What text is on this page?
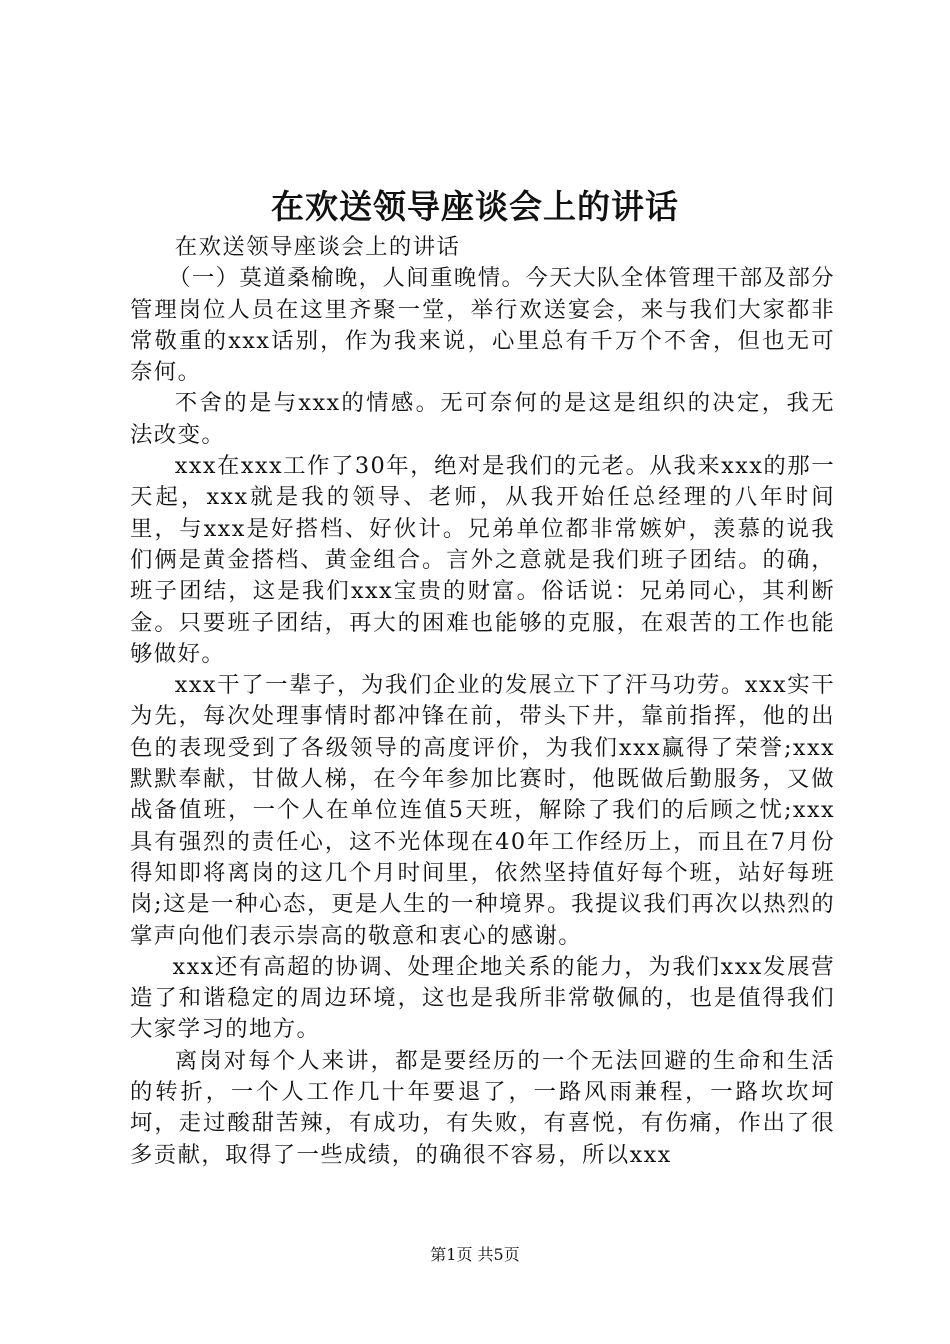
在欢送领导座谈会上的讲话

在欢送领导座谈会上的讲话

（一）莫道桑榆晚，人间重晚情。今天大队全体管理干部及部分管理岗位人员在这里齐聚一堂，举行欢送宴会，来与我们大家都非常敬重的xxx话别，作为我来说，心里总有千万个不舍，但也无可奈何。

不舍的是与xxx的情感。无可奈何的是这是组织的决定，我无法改变。

xxx在xxx工作了30年，绝对是我们的元老。从我来xxx的那一天起，xxx就是我的领导、老师，从我开始任总经理的八年时间里，与xxx是好搭档、好伙计。兄弟单位都非常嫉妒，羡慕的说我们俩是黄金搭档、黄金组合。言外之意就是我们班子团结。的确，班子团结，这是我们xxx宝贵的财富。俗话说：兄弟同心，其利断金。只要班子团结，再大的困难也能够的克服，在艰苦的工作也能够做好。

xxx干了一辈子，为我们企业的发展立下了汗马功劳。xxx实干为先，每次处理事情时都冲锋在前，带头下井，靠前指挥，他的出色的表现受到了各级领导的高度评价，为我们xxx赢得了荣誉;xxx默默奉献，甘做人梯，在今年参加比赛时，他既做后勤服务，又做战备值班，一个人在单位连值5天班，解除了我们的后顾之忧;xxx具有强烈的责任心，这不光体现在40年工作经历上，而且在7月份得知即将离岗的这几个月时间里，依然坚持值好每个班，站好每班岗;这是一种心态，更是人生的一种境界。我提议我们再次以热烈的掌声向他们表示崇高的敬意和衷心的感谢。

xxx还有高超的协调、处理企地关系的能力，为我们xxx发展营造了和谐稳定的周边环境，这也是我所非常敬佩的，也是值得我们大家学习的地方。

离岗对每个人来讲，都是要经历的一个无法回避的生命和生活的转折，一个人工作几十年要退了，一路风雨兼程，一路坎坎坷坷，走过酸甜苦辣，有成功，有失败，有喜悦，有伤痛，作出了很多贡献，取得了一些成绩，的确很不容易，所以xxx

第1页 共5页
